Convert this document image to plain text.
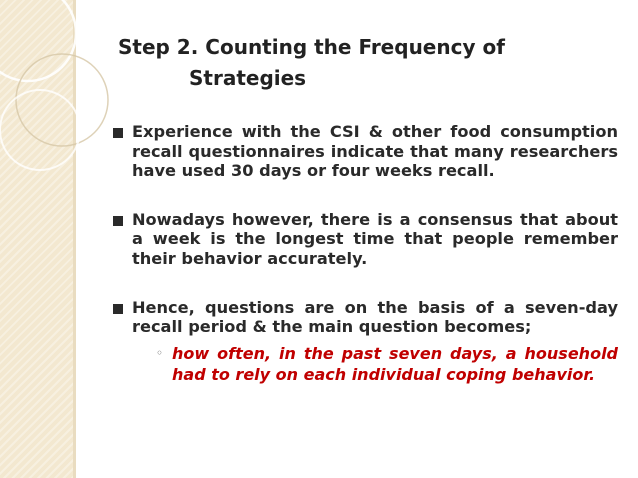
Step 2. Counting the Frequency of
Strategies
Experience with the CSI & other food consumption recall questionnaires indicate that many researchers have used 30 days or four weeks recall.
Nowadays however, there is a consensus that about a week is the longest time that people remember their behavior accurately.
Hence, questions are on the basis of a seven-day recall period & the main question becomes;
◦ how often, in the past seven days, a household had to rely on each individual coping behavior.
